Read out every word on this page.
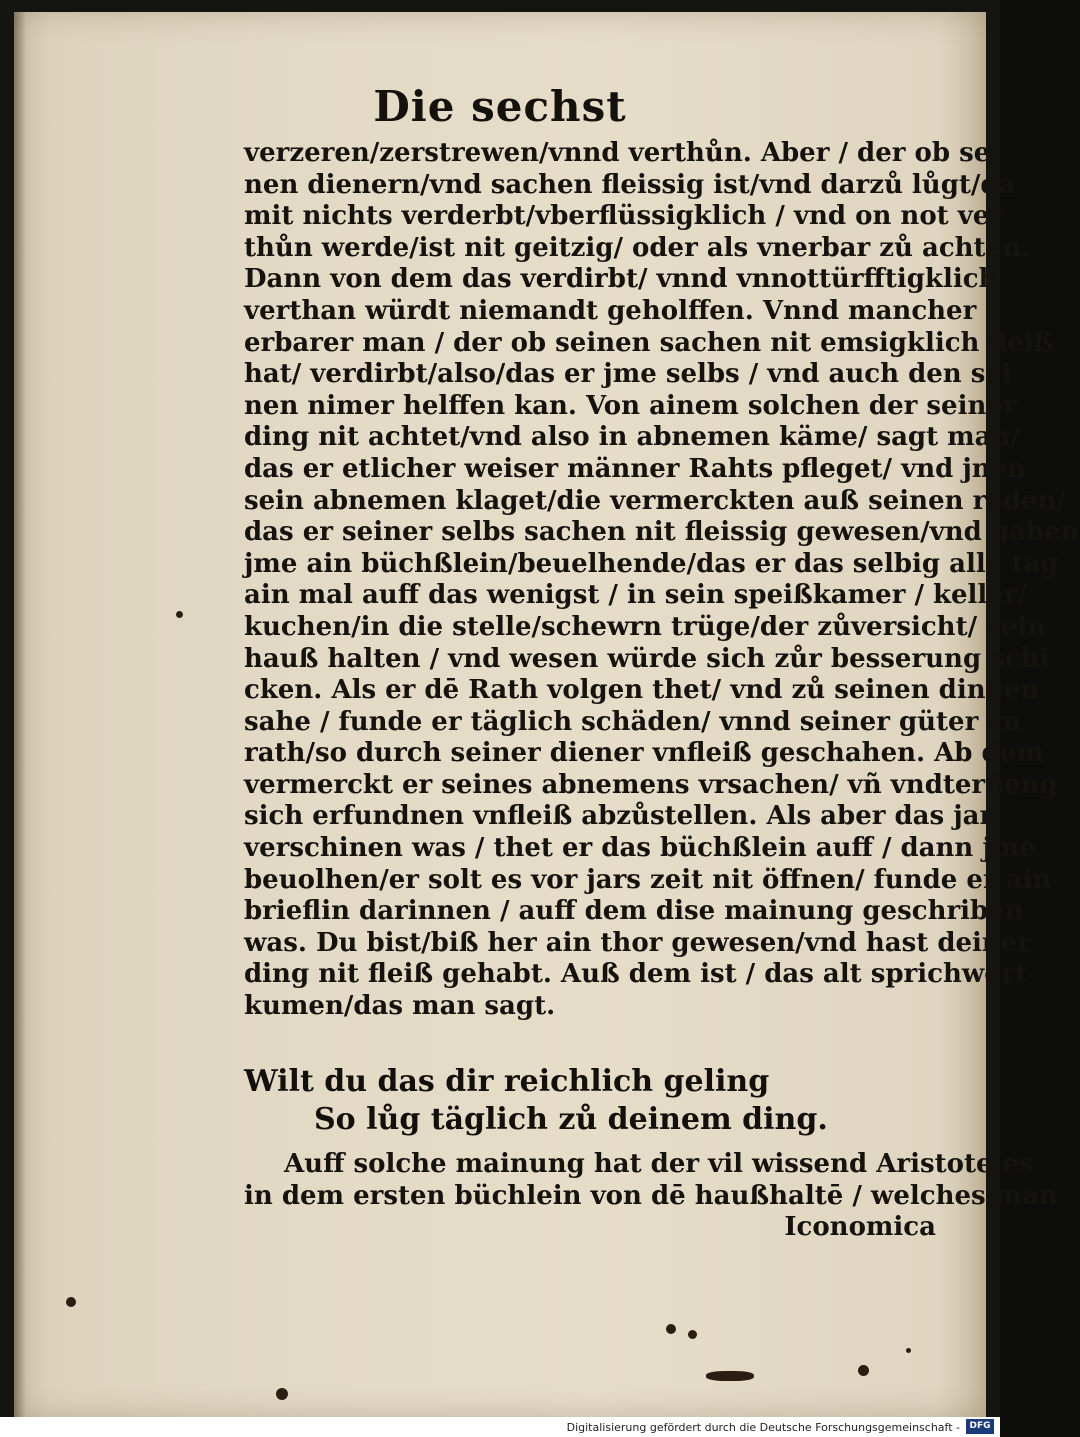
Die sechst
verzeren/zerstrewen/vnnd verthůn. Aber / der ob sei
nen dienern/vnd sachen fleissig ist/vnd darzů lůgt/da
mit nichts verderbt/vberflüssigklich / vnd on not ver
thůn werde/ist nit geitzig/ oder als vnerbar zů achten.
Dann von dem das verdirbt/ vnnd vnnottürfftigklich
verthan würdt niemandt geholffen. Vnnd mancher
erbarer man / der ob seinen sachen nit emsigklich fleiß
hat/ verdirbt/also/das er jme selbs / vnd auch den sei
nen nimer helffen kan. Von ainem solchen der seiner
ding nit achtet/vnd also in abnemen käme/ sagt man/
das er etlicher weiser männer Rahts pfleget/ vnd jnen
sein abnemen klaget/die vermerckten auß seinen reden/
das er seiner selbs sachen nit fleissig gewesen/vnd gaben
jme ain büchßlein/beuelhende/das er das selbig alle tag
ain mal auff das wenigst / in sein speißkamer / keller/
kuchen/in die stelle/schewrn trüge/der zůversicht/ sein
hauß halten / vnd wesen würde sich zůr besserung schi
cken. Als er dē Rath volgen thet/ vnd zů seinen dingen
sahe / funde er täglich schäden/ vnnd seiner güter vn
rath/so durch seiner diener vnfleiß geschahen. Ab dem
vermerckt er seines abnemens vrsachen/ vñ vndterfieng
sich erfundnen vnfleiß abzůstellen. Als aber das jar
verschinen was / thet er das büchßlein auff / dann jme
beuolhen/er solt es vor jars zeit nit öffnen/ funde er ain
brieflin darinnen / auff dem dise mainung geschriben
was. Du bist/biß her ain thor gewesen/vnd hast deiner
ding nit fleiß gehabt. Auß dem ist / das alt sprichwort
kumen/das man sagt.
Wilt du das dir reichlich geling
So lůg täglich zů deinem ding.
Auff solche mainung hat der vil wissend Aristoteles
in dem ersten büchlein von dē haußhaltē / welches man
Iconomica
Digitalisierung gefördert durch die Deutsche Forschungsgemeinschaft -	DFG
